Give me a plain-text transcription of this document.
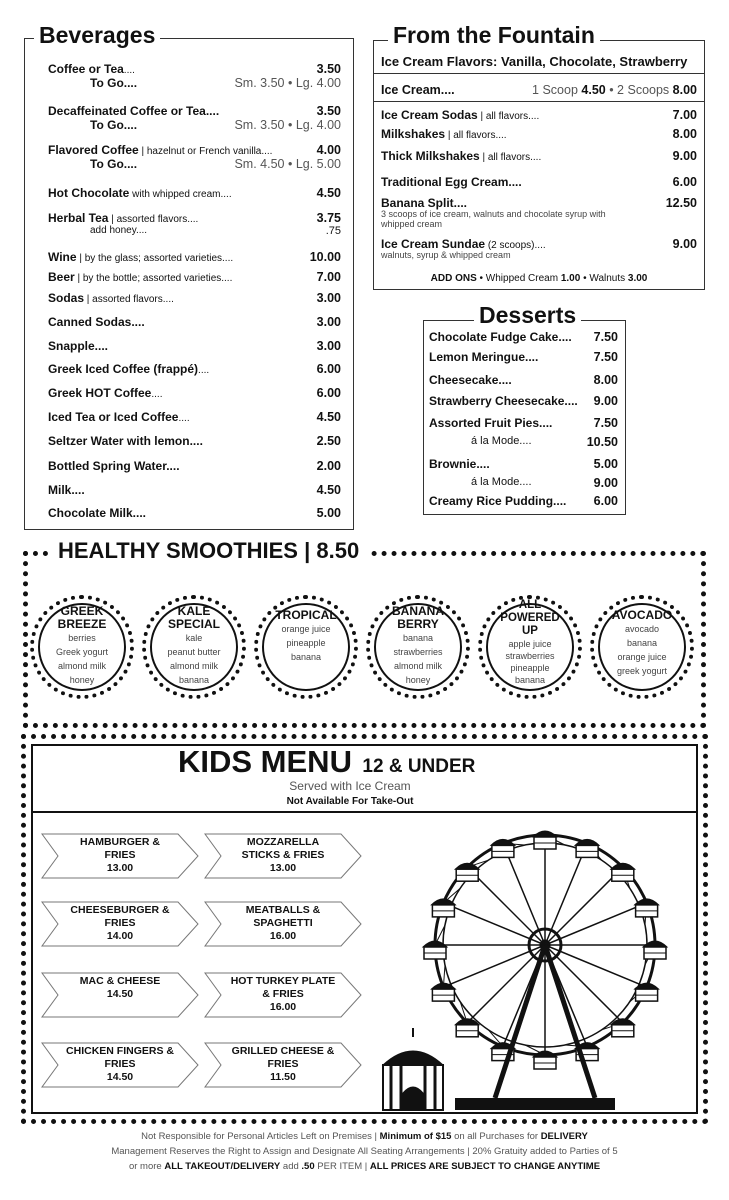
Beverages
Coffee or Tea....	3.50
To Go....	Sm. 3.50 • Lg. 4.00
Decaffeinated Coffee or Tea....	3.50
To Go....	Sm. 3.50 • Lg. 4.00
Flavored Coffee | hazelnut or French vanilla....	4.00
To Go....	Sm. 4.50 • Lg. 5.00
Hot Chocolate with whipped cream....	4.50
Herbal Tea | assorted flavors....	3.75
add honey....	.75
Wine | by the glass; assorted varieties....	10.00
Beer | by the bottle; assorted varieties....	7.00
Sodas | assorted flavors....	3.00
Canned Sodas....	3.00
Snapple....	3.00
Greek Iced Coffee (frappé)....	6.00
Greek HOT Coffee....	6.00
Iced Tea or Iced Coffee....	4.50
Seltzer Water with lemon....	2.50
Bottled Spring Water....	2.00
Milk....	4.50
Chocolate Milk....	5.00
From the Fountain
Ice Cream Flavors: Vanilla, Chocolate, Strawberry
Ice Cream....	1 Scoop 4.50 • 2 Scoops 8.00
Ice Cream Sodas | all flavors....	7.00
Milkshakes | all flavors....	8.00
Thick Milkshakes | all flavors....	9.00
Traditional Egg Cream....	6.00
Banana Split....	12.50
3 scoops of ice cream, walnuts and chocolate syrup with whipped cream
Ice Cream Sundae (2 scoops)....	9.00
walnuts, syrup & whipped cream
ADD ONS • Whipped Cream 1.00 • Walnuts 3.00
Desserts
Chocolate Fudge Cake.... 7.50
Lemon Meringue....	7.50
Cheesecake....	8.00
Strawberry Cheesecake.... 9.00
Assorted Fruit Pies....	7.50
á la Mode....	10.50
Brownie....	5.00
á la Mode....	9.00
Creamy Rice Pudding.... 6.00
HEALTHY SMOOTHIES | 8.50
GREEK BREEZE
berries
Greek yogurt
almond milk
honey
KALE SPECIAL
kale
peanut butter
almond milk
banana
TROPICAL
orange juice
pineapple
banana
BANANA BERRY
banana
strawberries
almond milk
honey
ALL POWERED UP
apple juice
strawberries
pineapple
banana
AVOCADO
avocado
banana
orange juice
greek yogurt
KIDS MENU 12 & UNDER
Served with Ice Cream
Not Available For Take-Out
HAMBURGER & FRIES
13.00
MOZZARELLA STICKS & FRIES
13.00
CHEESEBURGER & FRIES
14.00
MEATBALLS & SPAGHETTI
16.00
MAC & CHEESE
14.50
HOT TURKEY PLATE & FRIES
16.00
CHICKEN FINGERS & FRIES
14.50
GRILLED CHEESE & FRIES
11.50
Not Responsible for Personal Articles Left on Premises | Minimum of $15 on all Purchases for DELIVERY
Management Reserves the Right to Assign and Designate All Seating Arrangements | 20% Gratuity added to Parties of 5
or more ALL TAKEOUT/DELIVERY add .50 PER ITEM | ALL PRICES ARE SUBJECT TO CHANGE ANYTIME
